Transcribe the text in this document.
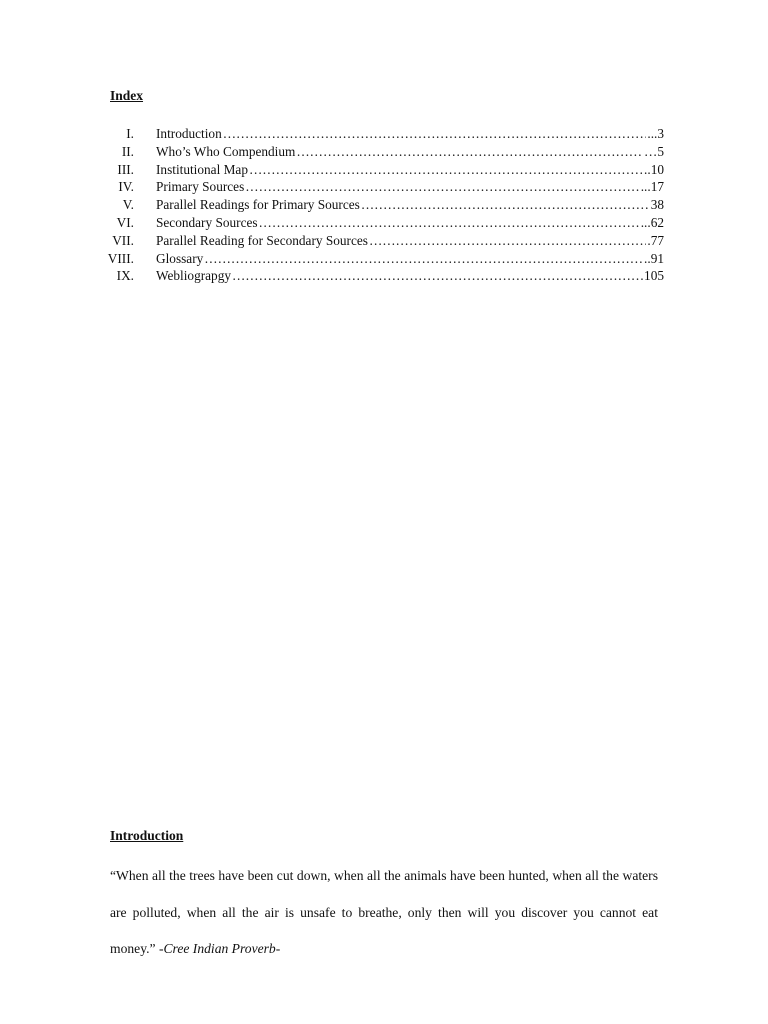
Index
I. Introduction …………………………………………………………………………………………………………………………………………………………………………	...3
II. Who’s Who Compendium …………………………………………………………………………………………………………………………………………………………………………	…5
III. Institutional Map …………………………………………………………………………………………………………………………………………………………………………	..10
IV. Primary Sources …………………………………………………………………………………………………………………………………………………………………………	...17
V. Parallel Readings for Primary Sources …………………………………………………………………………………………………………………………………………………………………………	38
VI. Secondary Sources …………………………………………………………………………………………………………………………………………………………………………	...62
VII. Parallel Reading for Secondary Sources …………………………………………………………………………………………………………………………………………………………………………	.77
VIII. Glossary …………………………………………………………………………………………………………………………………………………………………………	..91
IX. Webliograpgy …………………………………………………………………………………………………………………………………………………………………………	105
Introduction

“When all the trees have been cut down, when all the animals have been hunted, when all the waters are polluted, when all the air is unsafe to breathe, only then will you discover you cannot eat money.” -Cree Indian Proverb-
